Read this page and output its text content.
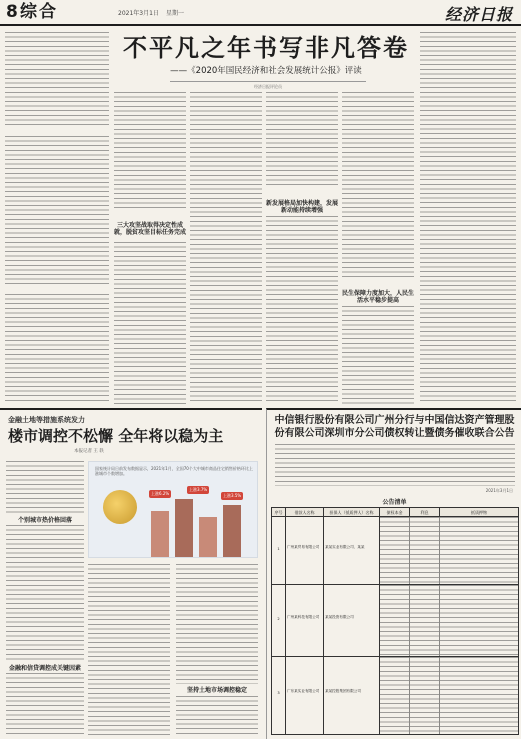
8 综合	2021年3月1日 星期一	经济日报
不平凡之年书写非凡答卷
——《2020年国民经济和社会发展统计公报》评读
经济日报评论员
三大攻坚战取得决定性成就，脱贫攻坚目标任务完成
新发展格局加快构建，发展新动能持续增强
民生保障力度加大，人民生活水平稳步提高
金融土地等措施系统发力
楼市调控不松懈 全年将以稳为主
本报记者 王 轶
个别城市热价格回落
金融和信贷调控成关键因素
国家统计局日前发布数据显示，2021年1月，全国70个大中城市商品住宅销售价格环比上涨城市个数增加。
上涨6.2%
上涨3.7%
上涨3.5%
坚持土地市场调控稳定
中信银行股份有限公司广州分行与中国信达资产管理股
份有限公司深圳市分公司债权转让暨债务催收联合公告
2021年3月1日
公告清单
序号	借款人名称	担保人（抵质押人）名称	债权本金	利息	抵质押物
1	广州某贸易有限公司	某某实业有限公司、某某
2	广州某科技有限公司	某某投资有限公司
3	广东某实业有限公司	某某控股集团有限公司
